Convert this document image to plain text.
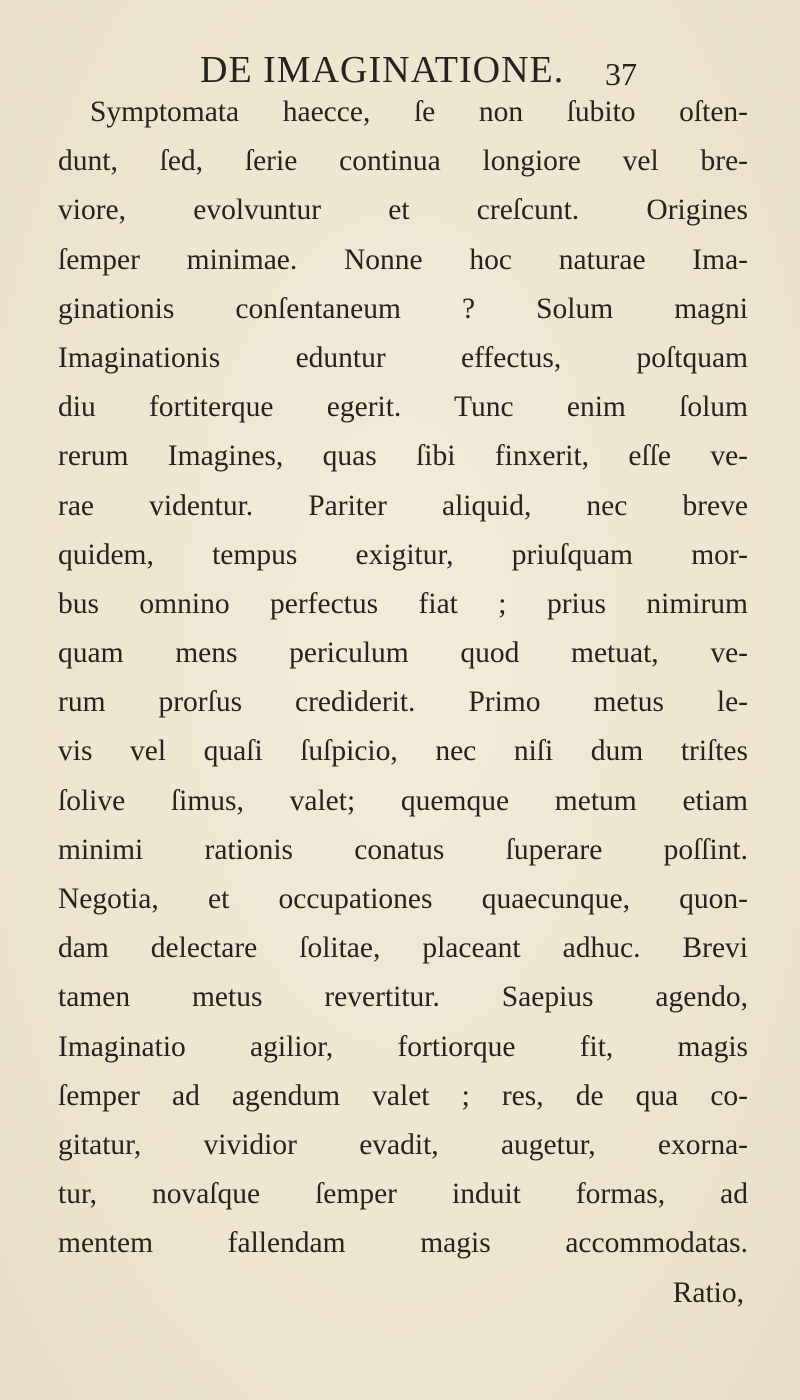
DE IMAGINATIONE. 37
Symptomata haecce, ſe non ſubito oſten-
dunt, ſed, ſerie continua longiore vel bre-
viore, evolvuntur et creſcunt. Origines
ſemper minimae. Nonne hoc naturae Ima-
ginationis conſentaneum ? Solum magni
Imaginationis eduntur effectus, poſtquam
diu fortiterque egerit. Tunc enim ſolum
rerum Imagines, quas ſibi finxerit, eſſe ve-
rae videntur. Pariter aliquid, nec breve
quidem, tempus exigitur, priuſquam mor-
bus omnino perfectus fiat ; prius nimirum
quam mens periculum quod metuat, ve-
rum prorſus crediderit. Primo metus le-
vis vel quaſi ſuſpicio, nec niſi dum triſtes
ſolive ſimus, valet; quemque metum etiam
minimi rationis conatus ſuperare poſſint.
Negotia, et occupationes quaecunque, quon-
dam delectare ſolitae, placeant adhuc. Brevi
tamen metus revertitur. Saepius agendo,
Imaginatio agilior, fortiorque fit, magis
ſemper ad agendum valet ; res, de qua co-
gitatur, vividior evadit, augetur, exorna-
tur, novaſque ſemper induit formas, ad
mentem fallendam magis accommodatas.
Ratio,
